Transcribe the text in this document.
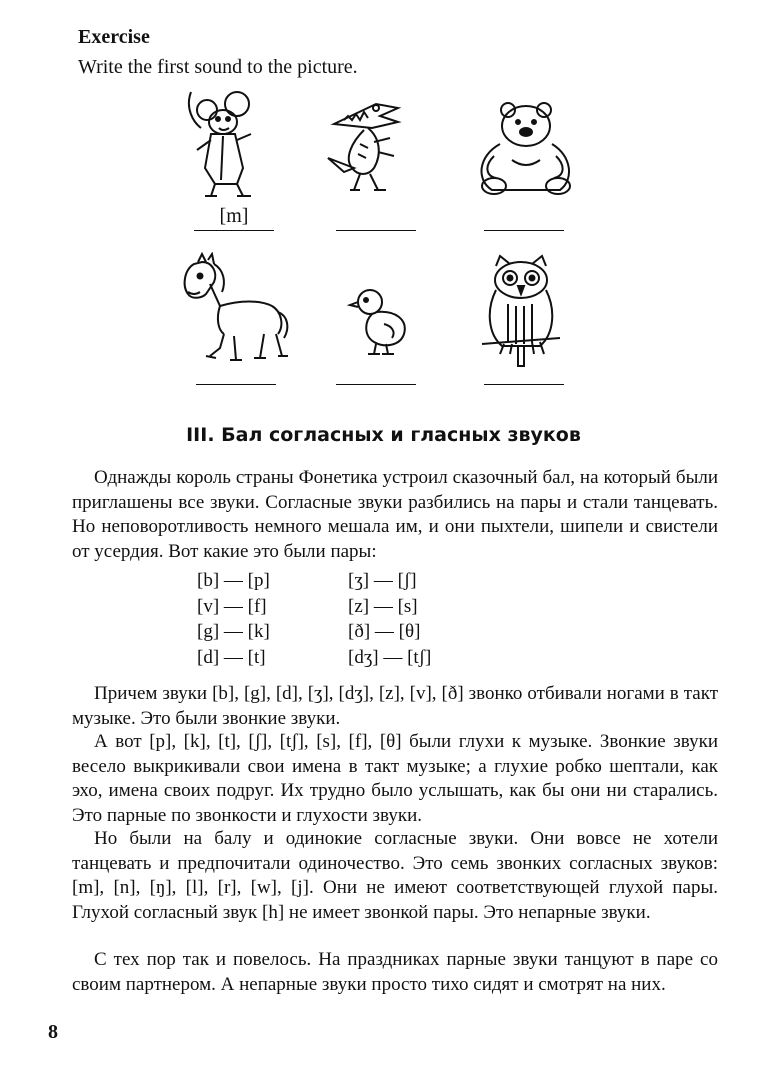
Exercise
Write the first sound to the picture.
[m]
III. Бал согласных и гласных звуков

Однажды король страны Фонетика устроил сказочный бал, на который были приглашены все звуки. Согласные звуки разбились на пары и стали танцевать. Но неповоротливость немного мешала им, и они пыхтели, шипели и свистели от усердия. Вот какие это были пары:

[b] — [p]
[v] — [f]
[g] — [k]
[d] — [t]
[ʒ] — [ʃ]
[z] — [s]
[ð] — [θ]
[dʒ] — [tʃ]

Причем звуки [b], [g], [d], [ʒ], [dʒ], [z], [v], [ð] звонко отбивали ногами в такт музыке. Это были звонкие звуки.

А вот [p], [k], [t], [ʃ], [tʃ], [s], [f], [θ] были глухи к музыке. Звонкие звуки весело выкрикивали свои имена в такт музыке; а глухие робко шептали, как эхо, имена своих подруг. Их трудно было услышать, как бы они ни старались. Это парные по звонкости и глухости звуки.

Но были на балу и одинокие согласные звуки. Они вовсе не хотели танцевать и предпочитали одиночество. Это семь звонких согласных звуков: [m], [n], [ŋ], [l], [r], [w], [j]. Они не имеют соответствующей глухой пары. Глухой согласный звук [h] не имеет звонкой пары. Это непарные звуки.

С тех пор так и повелось. На праздниках парные звуки танцуют в паре со своим партнером. А непарные звуки просто тихо сидят и смотрят на них.

8
